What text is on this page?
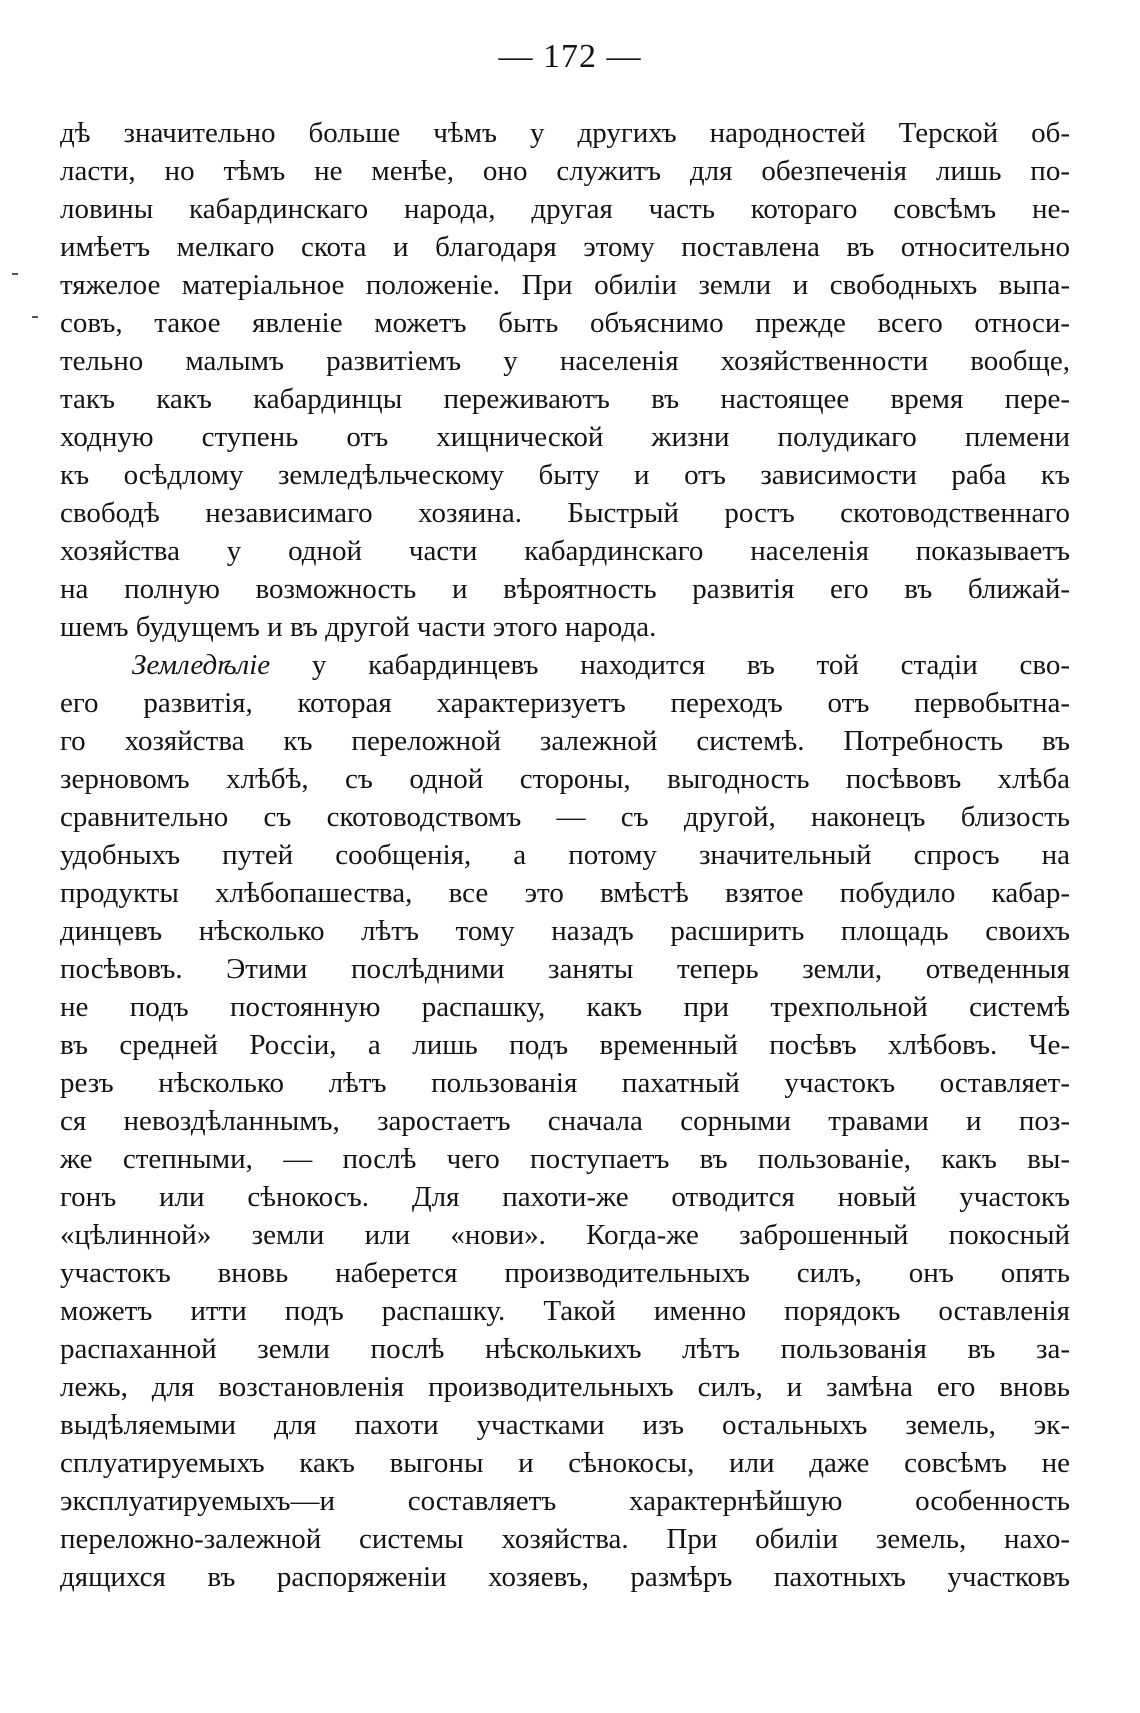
— 172 —
дѣ значительно больше чѣмъ у другихъ народностей Терской об-
ласти, но тѣмъ не менѣе, оно служитъ для обезпеченія лишь по-
ловины кабардинскаго народа, другая часть котораго совсѣмъ не-
имѣетъ мелкаго скота и благодаря этому поставлена въ относительно
тяжелое матеріальное положеніе. При обиліи земли и свободныхъ выпа-
совъ, такое явленіе можетъ быть объяснимо прежде всего относи-
тельно малымъ развитіемъ у населенія хозяйственности вообще,
такъ какъ кабардинцы переживаютъ въ настоящее время пере-
ходную ступень отъ хищнической жизни полудикаго племени
къ осѣдлому земледѣльческому быту и отъ зависимости раба къ
свободѣ независимаго хозяина. Быстрый ростъ скотоводственнаго
хозяйства у одной части кабардинскаго населенія показываетъ
на полную возможность и вѣроятность развитія его въ ближай-
шемъ будущемъ и въ другой части этого народа.
Земледѣліе у кабардинцевъ находится въ той стадіи сво-
его развитія, которая характеризуетъ переходъ отъ первобытна-
го хозяйства къ переложной залежной системѣ. Потребность въ
зерновомъ хлѣбѣ, съ одной стороны, выгодность посѣвовъ хлѣба
сравнительно съ скотоводствомъ — съ другой, наконецъ близость
удобныхъ путей сообщенія, а потому значительный спросъ на
продукты хлѣбопашества, все это вмѣстѣ взятое побудило кабар-
динцевъ нѣсколько лѣтъ тому назадъ расширить площадь своихъ
посѣвовъ. Этими послѣдними заняты теперь земли, отведенныя
не подъ постоянную распашку, какъ при трехпольной системѣ
въ средней Россіи, а лишь подъ временный посѣвъ хлѣбовъ. Че-
резъ нѣсколько лѣтъ пользованія пахатный участокъ оставляет-
ся невоздѣланнымъ, заростаетъ сначала сорными травами и поз-
же степными, — послѣ чего поступаетъ въ пользованіе, какъ вы-
гонъ или сѣнокосъ. Для пахоти-же отводится новый участокъ
«цѣлинной» земли или «нови». Когда-же заброшенный покосный
участокъ вновь наберется производительныхъ силъ, онъ опять
можетъ итти подъ распашку. Такой именно порядокъ оставленія
распаханной земли послѣ нѣсколькихъ лѣтъ пользованія въ за-
лежь, для возстановленія производительныхъ силъ, и замѣна его вновь
выдѣляемыми для пахоти участками изъ остальныхъ земель, эк-
сплуатируемыхъ какъ выгоны и сѣнокосы, или даже совсѣмъ не
эксплуатируемыхъ—и составляетъ характернѣйшую особенность
переложно-залежной системы хозяйства. При обиліи земель, нахо-
дящихся въ распоряженіи хозяевъ, размѣръ пахотныхъ участковъ
